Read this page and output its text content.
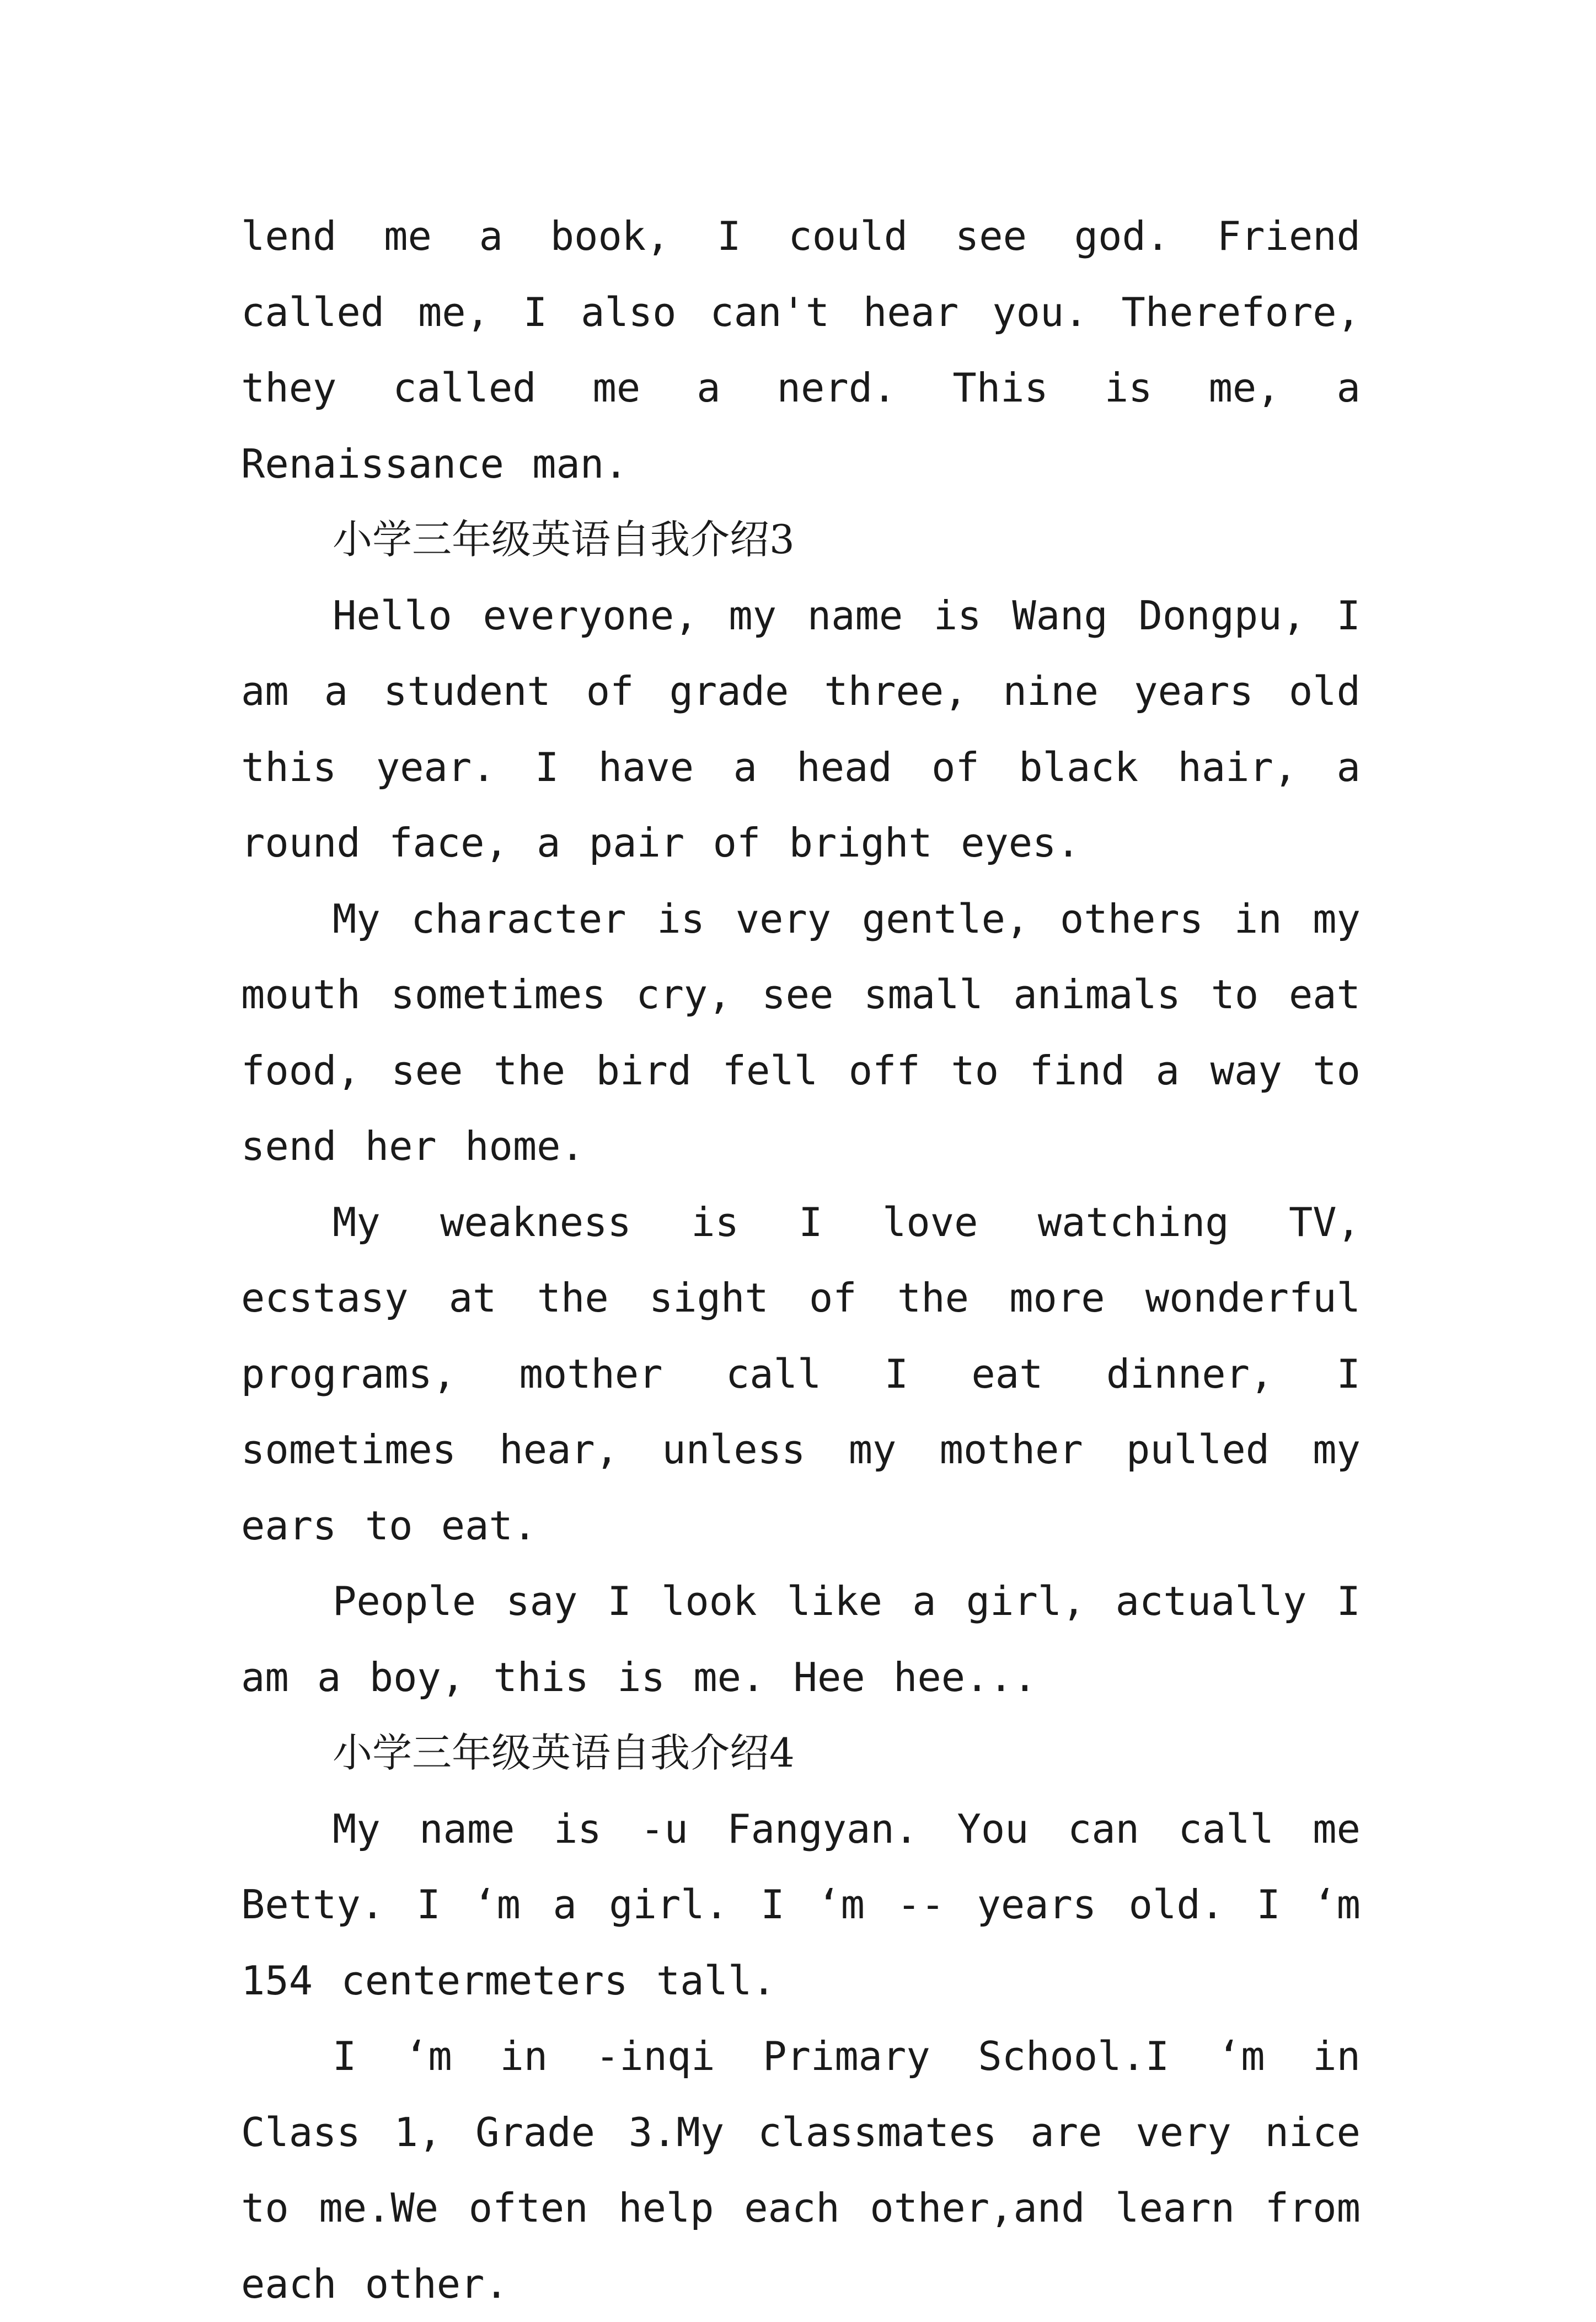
lend me a book, I could see god. Friend called me, I also can't hear you. Therefore, they called me a nerd. This is me, a Renaissance man.

小学三年级英语自我介绍3

Hello everyone, my name is Wang Dongpu, I am a student of grade three, nine years old this year. I have a head of black hair, a round face, a pair of bright eyes.

My character is very gentle, others in my mouth sometimes cry, see small animals to eat food, see the bird fell off to find a way to send her home.

My weakness is I love watching TV, ecstasy at the sight of the more wonderful programs, mother call I eat dinner, I sometimes hear, unless my mother pulled my ears to eat.

People say I look like a girl, actually I am a boy, this is me. Hee hee...

小学三年级英语自我介绍4

My name is -u Fangyan. You can call me Betty. I ‘m a girl. I ‘m -- years old. I ‘m 154 centermeters tall.

I ‘m in -inqi Primary School.I ‘m in Class 1, Grade 3.My classmates are very nice to me.We often help each other,and learn from each other.
